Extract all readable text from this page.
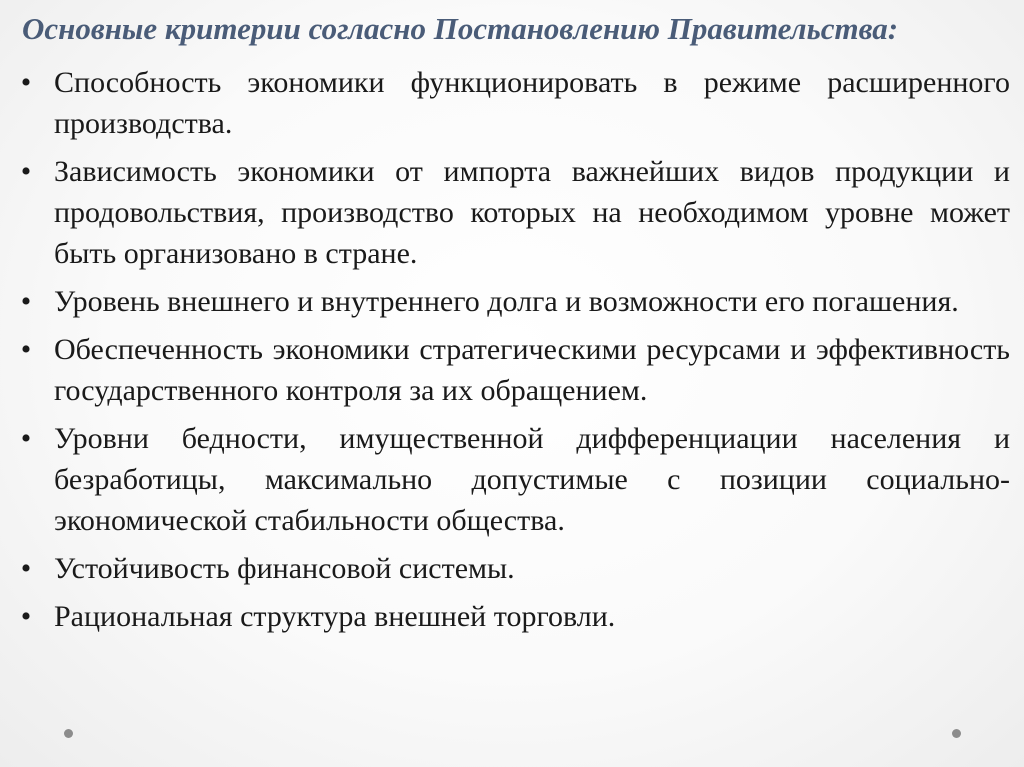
Основные критерии согласно Постановлению Правительства:
• Способность экономики функционировать в режиме расширенного производства.
• Зависимость экономики от импорта важнейших видов продукции и продовольствия, производство которых на необходимом уровне может быть организовано в стране.
• Уровень внешнего и внутреннего долга и возможности его погашения.
• Обеспеченность экономики стратегическими ресурсами и эффективность государственного контроля за их обращением.
• Уровни бедности, имущественной дифференциации населения и безработицы, максимально допустимые с позиции социально-экономической стабильности общества.
• Устойчивость финансовой системы.
• Рациональная структура внешней торговли.
